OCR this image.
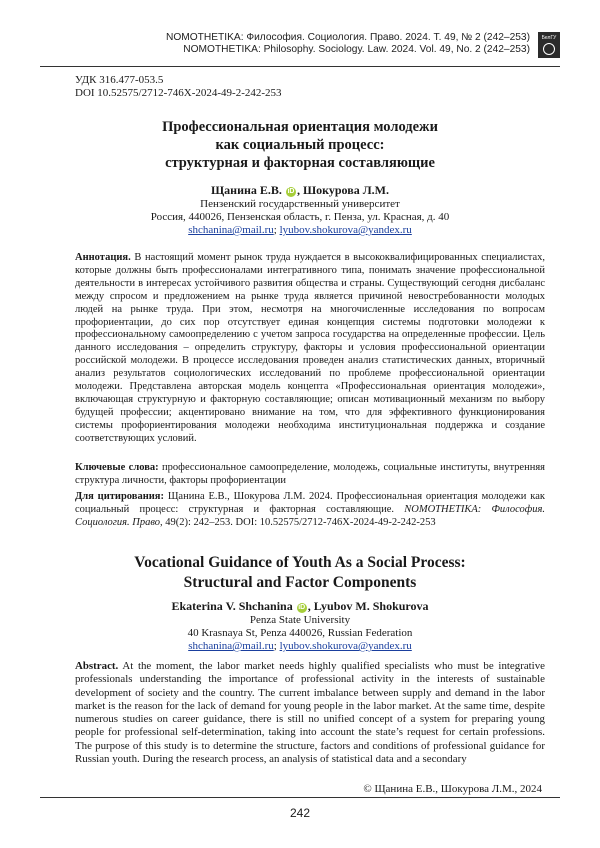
NOMOTHETIKA: Философия. Социология. Право. 2024. Т. 49, № 2 (242–253)
NOMOTHETIKA: Philosophy. Sociology. Law. 2024. Vol. 49, No. 2 (242–253)
БелГУ
УДК 316.477-053.5
DOI 10.52575/2712-746Х-2024-49-2-242-253
Профессиональная ориентация молодежи
как социальный процесс:
структурная и факторная составляющие
Щанина Е.В. iD , Шокурова Л.М.
Пензенский государственный университет
Россия, 440026, Пензенская область, г. Пенза, ул. Красная, д. 40
shchanina@mail.ru; lyubov.shokurova@yandex.ru
Аннотация. В настоящий момент рынок труда нуждается в высококвалифицированных специалистах, которые должны быть профессионалами интегративного типа, понимать значение профессиональной деятельности в интересах устойчивого развития общества и страны. Существующий сегодня дисбаланс между спросом и предложением на рынке труда является причиной невостребованности молодых людей на рынке труда. При этом, несмотря на многочисленные исследования по вопросам профориентации, до сих пор отсутствует единая концепция системы подготовки молодежи к профессиональному самоопределению с учетом запроса государства на определенные профессии. Цель данного исследования – определить структуру, факторы и условия профессиональной ориентации российской молодежи. В процессе исследования проведен анализ статистических данных, вторичный анализ результатов социологических исследований по проблеме профессиональной ориентации молодежи. Представлена авторская модель концепта «Профессиональная ориентация молодежи», включающая структурную и факторную составляющие; описан мотивационный механизм по выбору будущей профессии; акцентировано внимание на том, что для эффективного функционирования системы профориентирования молодежи необходима институциональная поддержка и создание соответствующих условий.
Ключевые слова: профессиональное самоопределение, молодежь, социальные институты, внутренняя структура личности, факторы профориентации
Для цитирования: Щанина Е.В., Шокурова Л.М. 2024. Профессиональная ориентация молодежи как социальный процесс: структурная и факторная составляющие. NOMOTHETIKA: Философия. Социология. Право, 49(2): 242–253. DOI: 10.52575/2712-746X-2024-49-2-242-253
Vocational Guidance of Youth As a Social Process:
Structural and Factor Components
Ekaterina V. Shchanina iD , Lyubov M. Shokurova
Penza State University
40 Krasnaya St, Penza 440026, Russian Federation
shchanina@mail.ru; lyubov.shokurova@yandex.ru
Abstract. At the moment, the labor market needs highly qualified specialists who must be integrative professionals understanding the importance of professional activity in the interests of sustainable development of society and the country. The current imbalance between supply and demand in the labor market is the reason for the lack of demand for young people in the labor market. At the same time, despite numerous studies on career guidance, there is still no unified concept of a system for preparing young people for professional self-determination, taking into account the state’s request for certain professions. The purpose of this study is to determine the structure, factors and conditions of professional guidance for Russian youth. During the research process, an analysis of statistical data and a secondary
© Щанина Е.В., Шокурова Л.М., 2024
242
